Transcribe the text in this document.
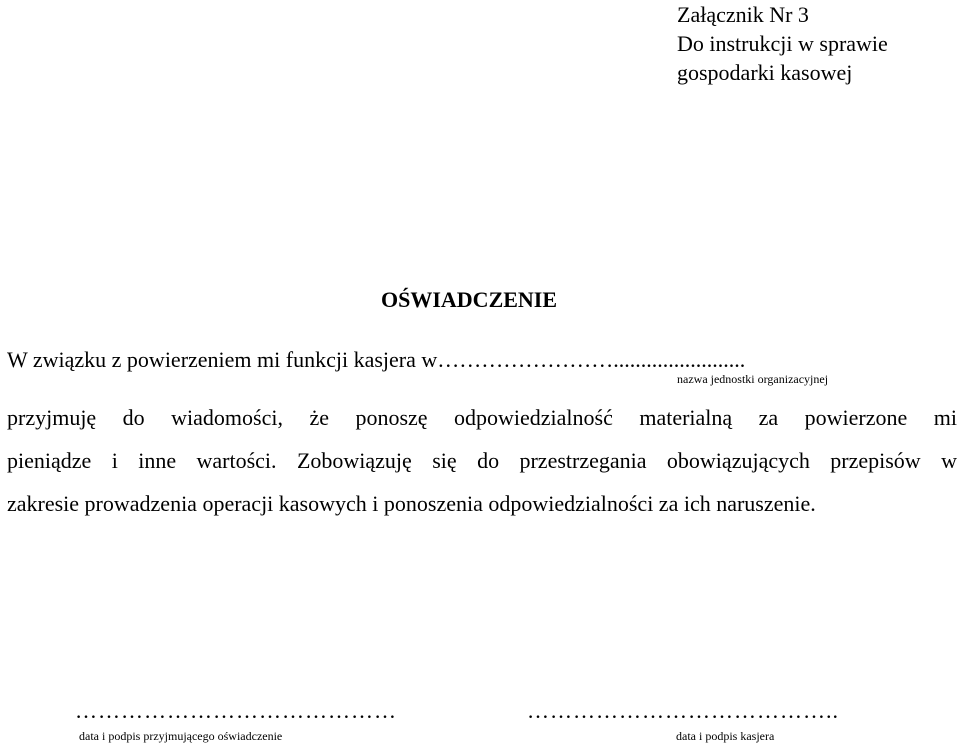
Załącznik Nr 3
Do instrukcji w sprawie
gospodarki kasowej
OŚWIADCZENIE
W związku z powierzeniem mi funkcji kasjera w……………………........................
nazwa jednostki organizacyjnej
przyjmuję do wiadomości, że ponoszę odpowiedzialność materialną za powierzone mi
pieniądze i inne wartości. Zobowiązuję się do przestrzegania obowiązujących przepisów w
zakresie prowadzenia operacji kasowych i ponoszenia odpowiedzialności za ich naruszenie.
……………………………………	…………………………………..
data i podpis przyjmującego oświadczenie	data i podpis kasjera
